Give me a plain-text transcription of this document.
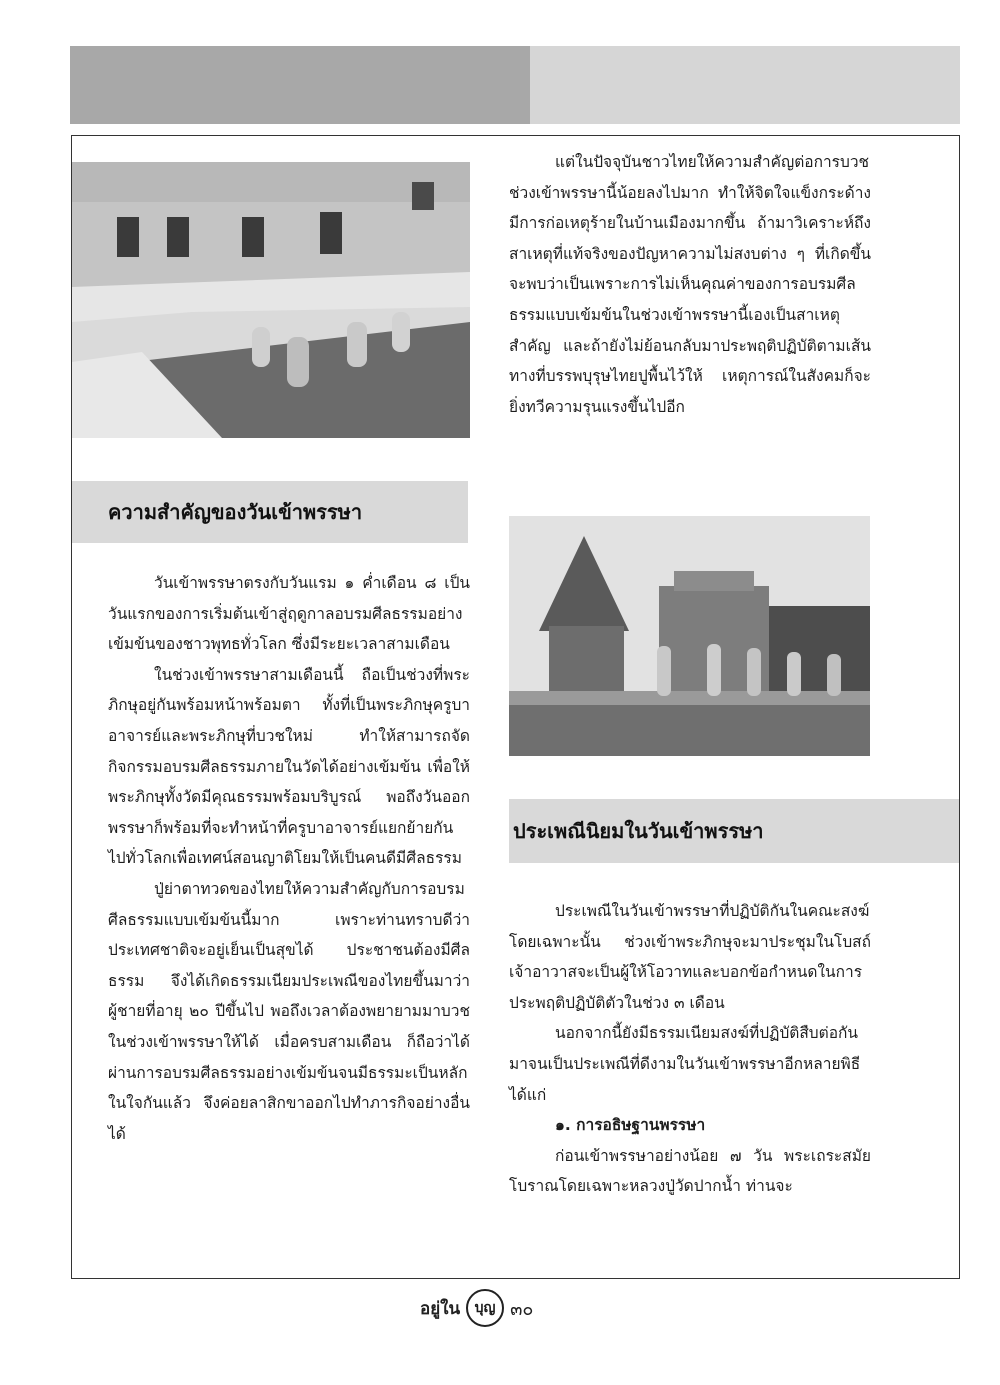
ความสำคัญของวันเข้าพรรษา
ประเพณีนิยมในวันเข้าพรรษา

แต่ในปัจจุบันชาวไทยให้ความสำคัญต่อการบวชช่วงเข้าพรรษานี้น้อยลงไปมาก ทำให้จิตใจแข็งกระด้าง มีการก่อเหตุร้ายในบ้านเมืองมากขึ้น ถ้ามาวิเคราะห์ถึงสาเหตุที่แท้จริงของปัญหาความไม่สงบต่าง ๆ ที่เกิดขึ้น จะพบว่าเป็นเพราะการไม่เห็นคุณค่าของการอบรมศีลธรรมแบบเข้มข้นในช่วงเข้าพรรษานี้เองเป็นสาเหตุสำคัญ และถ้ายังไม่ย้อนกลับมาประพฤติปฏิบัติตามเส้นทางที่บรรพบุรุษไทยปูพื้นไว้ให้ เหตุการณ์ในสังคมก็จะยิ่งทวีความรุนแรงขึ้นไปอีก

วันเข้าพรรษาตรงกับวันแรม ๑ ค่ำเดือน ๘ เป็นวันแรกของการเริ่มต้นเข้าสู่ฤดูกาลอบรมศีลธรรมอย่างเข้มข้นของชาวพุทธทั่วโลก ซึ่งมีระยะเวลาสามเดือน

ในช่วงเข้าพรรษาสามเดือนนี้ ถือเป็นช่วงที่พระภิกษุอยู่กันพร้อมหน้าพร้อมตา ทั้งที่เป็นพระภิกษุครูบาอาจารย์และพระภิกษุที่บวชใหม่ ทำให้สามารถจัดกิจกรรมอบรมศีลธรรมภายในวัดได้อย่างเข้มข้น เพื่อให้พระภิกษุทั้งวัดมีคุณธรรมพร้อมบริบูรณ์ พอถึงวันออกพรรษาก็พร้อมที่จะทำหน้าที่ครูบาอาจารย์แยกย้ายกันไปทั่วโลกเพื่อเทศน์สอนญาติโยมให้เป็นคนดีมีศีลธรรม

ปู่ย่าตาทวดของไทยให้ความสำคัญกับการอบรมศีลธรรมแบบเข้มข้นนี้มาก เพราะท่านทราบดีว่า ประเทศชาติจะอยู่เย็นเป็นสุขได้ ประชาชนต้องมีศีลธรรม จึงได้เกิดธรรมเนียมประเพณีของไทยขึ้นมาว่า ผู้ชายที่อายุ ๒๐ ปีขึ้นไป พอถึงเวลาต้องพยายามมาบวชในช่วงเข้าพรรษาให้ได้ เมื่อครบสามเดือน ก็ถือว่าได้ผ่านการอบรมศีลธรรมอย่างเข้มข้นจนมีธรรมะเป็นหลักในใจกันแล้ว จึงค่อยลาสิกขาออกไปทำภารกิจอย่างอื่นได้

ประเพณีในวันเข้าพรรษาที่ปฏิบัติกันในคณะสงฆ์โดยเฉพาะนั้น ช่วงเข้าพระภิกษุจะมาประชุมในโบสถ์ เจ้าอาวาสจะเป็นผู้ให้โอวาทและบอกข้อกำหนดในการประพฤติปฏิบัติตัวในช่วง ๓ เดือน

นอกจากนี้ยังมีธรรมเนียมสงฆ์ที่ปฏิบัติสืบต่อกันมาจนเป็นประเพณีที่ดีงามในวันเข้าพรรษาอีกหลายพิธี ได้แก่

๑. การอธิษฐานพรรษา

ก่อนเข้าพรรษาอย่างน้อย ๗ วัน พระเถระสมัยโบราณโดยเฉพาะหลวงปู่วัดปากน้ำ ท่านจะ

อยู่ใน	บุญ ๓๐
